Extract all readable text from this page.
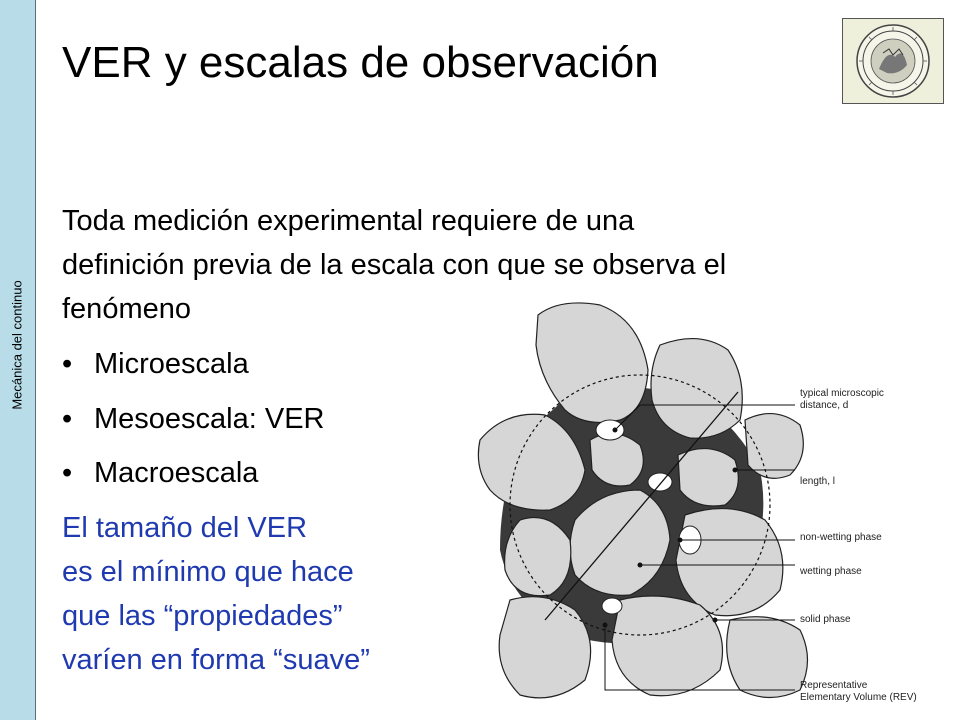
Mecánica del continuo
VER y escalas de observación
Toda medición experimental requiere de una
definición previa de la escala con que se observa el
fenómeno
• Microescala
• Mesoescala: VER
• Macroescala
El tamaño del VER
es el mínimo que hace
que las “propiedades”
varíen en forma “suave”
typical microscopic
distance, d
length, l
non-wetting phase
wetting phase
solid phase
Representative
Elementary Volume (REV)
